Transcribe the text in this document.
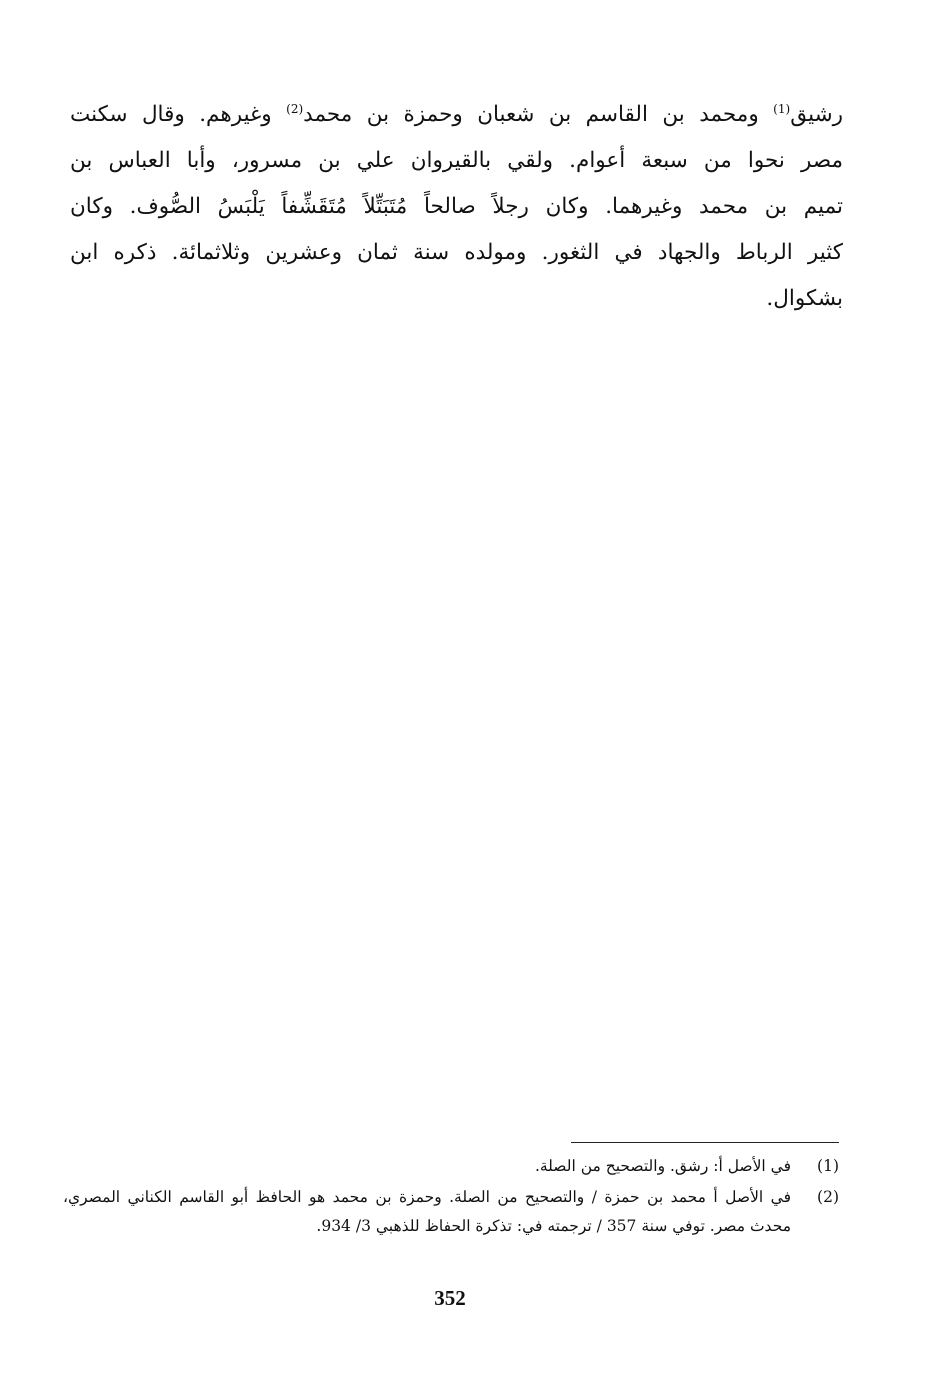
رشيق$^{(1)}$ ومحمد بن القاسم بن شعبان وحمزة بن محمد$^{(2)}$ وغيرهم. وقال سكنت
مصر نحوا من سبعة أعوام. ولقي بالقيروان علي بن مسرور، وأبا العباس بن
تميم بن محمد وغيرهما. وكان رجلاً صالحاً مُتَبَتِّلاً مُتَقَشِّفاً يَلْبَسُ الصُّوف. وكان
كثير الرباط والجهاد في الثغور. ومولده سنة ثمان وعشرين وثلاثمائة. ذكره ابن
بشكوال.
(1)
في الأصل أ: رشق. والتصحيح من الصلة.
(2)
في الأصل أ محمد بن حمزة / والتصحيح من الصلة. وحمزة بن محمد هو الحافظ أبو القاسم الكناني المصري، محدث مصر. توفي سنة 357 / ترجمته في: تذكرة الحفاظ للذهبي 3/ 934.
352
